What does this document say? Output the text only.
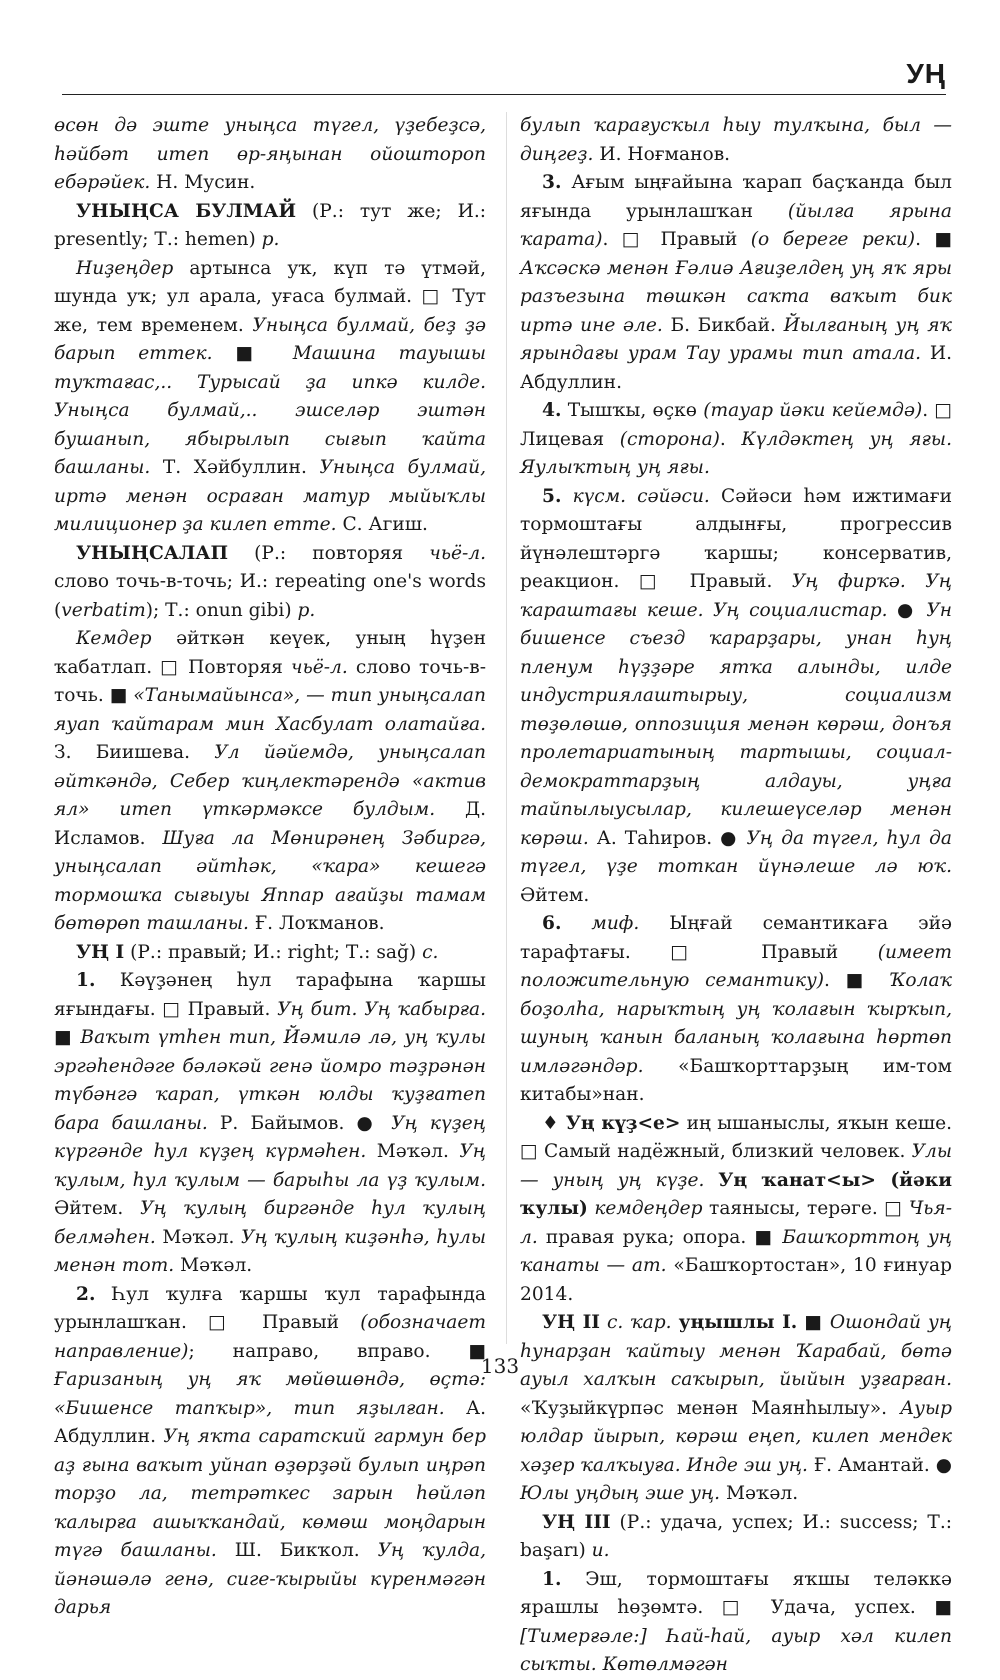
УҢ

өсөн дә эште уныңса түгел, үҙебеҙсә, һәйбәт итеп өр-яңынан ойоштороп ебәрәйек. Н. Мусин.

УНЫҢСА БУЛМАЙ (Р.: тут же; И.: presently; Т.: hemen) р.

Ниҙеңдер артынса уҡ, күп тә үтмәй, шунда уҡ; ул арала, уғаса булмай. □ Тут же, тем временем. Уныңса булмай, беҙ ҙә барып еттек. ■ Машина тауышы туҡтағас,.. Турысай ҙа ипкә килде. Уныңса булмай,.. эшселәр эштән бушанып, ябырылып сығып ҡайта башланы. Т. Хәйбуллин. Уныңса булмай, иртә менән осраған матур мыйыҡлы милиционер ҙа килеп етте. С. Агиш.

УНЫҢСАЛАП (Р.: повторяя чьё-л. слово точь-в-точь; И.: repeating one's words (verbatim); Т.: onun gibi) р.

Кемдер әйткән кеүек, уның һүҙен ҡабатлап. □ Повторяя чьё-л. слово точь-в-точь. ■ «Танымайынса», — тип уныңсалап яуап ҡайтарам мин Хасбулат олатайға. З. Биишева. Ул йәйемдә, уныңсалап әйткәндә, Себер ҡиңлектәрендә «актив ял» итеп үткәрмәксе булдым. Д. Исламов. Шуға ла Мөнирәнең Зәбиргә, уныңсалап әйтһәк, «ҡара» кешегә тормошҡа сығыуы Яппар ағайҙы тамам бөтөрөп ташланы. Ғ. Лоҡманов.

УҢ I (Р.: правый; И.: right; Т.: sağ) с.

1. Кәүҙәнең һул тарафына ҡаршы яғындағы. □ Правый. Уң бит. Уң ҡабырға. ■ Ваҡыт үтһен тип, Йәмилә лә, уң ҡулы эргәһендәге бәләкәй генә йомро тәҙрәнән түбәнгә ҡарап, үткән юлды ҡуҙғатеп бара башланы. Р. Байымов. ● Уң күҙең күргәнде һул күҙең күрмәһен. Мәҡәл. Уң ҡулым, һул ҡулым — барыһы ла үҙ ҡулым. Әйтем. Уң ҡулың биргәнде һул ҡулың белмәһен. Мәҡәл. Уң ҡулың киҙәнһә, һулы менән тот. Мәҡәл.

2. Һул ҡулға ҡаршы ҡул тарафында урынлашҡан. □ Правый (обозначает направление); направо, вправо. ■ Ғаризаның уң яҡ мөйөшөндә, өҫтә: «Бишенсе тапҡыр», тип яҙылған. А. Абдуллин. Уң яҡта саратский гармун бер аҙ ғына ваҡыт уйнап өҙөрҙәй булып иңрәп торҙо ла, тетрәткес зарын һөйләп ҡалырға ашыҡҡандай, көмөш моңдарын түгә башланы. Ш. Бикҡол. Уң ҡулда, йәнәшәлә генә, сиге-ҡырыйы күренмәгән дарья

булып ҡарағусҡыл һыу тулҡына, был — диңгеҙ. И. Ноғманов.

3. Ағым ыңғайына ҡарап баҫҡанда был яғында урынлашҡан (йылға ярына ҡарата). □ Правый (о береге реки). ■ Аҡсәскә менән Ғәлиә Ағиҙелдең уң яҡ яры разъезына төшкән саҡта ваҡыт бик иртә ине әле. Б. Бикбай. Йылғаның уң яҡ ярындағы урам Тау урамы тип атала. И. Абдуллин.

4. Тышҡы, өҫкө (тауар йәки кейемдә). □ Лицевая (сторона). Күлдәктең уң яғы. Яулыҡтың уң яғы.

5. күсм. сәйәси. Сәйәси һәм ижтимағи тормоштағы алдынғы, прогрессив йүнәлештәргә ҡаршы; консерватив, реакцион. □ Правый. Уң фирҡә. Уң ҡараштағы кеше. Уң социалистар. ● Ун бишенсе съезд ҡарарҙары, унан һуң пленум һүҙҙәре ятҡа алынды, илде индустриялаштырыу, социализм төҙөлөшө, оппозиция менән көрәш, донъя пролетариатының тартышы, социал-демократтарҙың алдауы, уңға тайпылыусылар, килешеүселәр менән көрәш. А. Таһиров. ● Уң да түгел, һул да түгел, үҙе тоткан йүнәлеше лә юҡ. Әйтем.

6. миф. Ыңғай семантикаға эйә тарафтағы. □ Правый (имеет положительную семантику). ■ Ҡолаҡ боҙолһа, нарыҡтың уң ҡолағын ҡырҡып, шуның ҡанын баланың ҡолағына һөртөп имләгәндәр. «Башҡорттарҙың им-том китабы»нан.

♦ Уң күҙ<е> иң ышаныслы, яҡын кеше. □ Самый надёжный, близкий человек. Улы — уның уң күҙе. Уң ҡанат<ы> (йәки ҡулы) кемдеңдер таянысы, терәге. □ Чья-л. правая рука; опора. ■ Башҡорттоң уң ҡанаты — ат. «Башҡортостан», 10 ғинуар 2014.

УҢ II с. ҡар. уңышлы I. ■ Ошондай уң һунарҙан ҡайтыу менән Ҡарабай, бөтә ауыл халҡын саҡырып, йыйын уҙғарған. «Ҡуҙыйкүрпәс менән Маянһылыу». Ауыр юлдар йырып, көрәш еңеп, килеп мендек хәҙер ҡалҡыуға. Инде эш уң. Ғ. Амантай. ● Юлы уңдың эше уң. Мәҡәл.

УҢ III (Р.: удача, успех; И.: success; Т.: başarı) и.

1. Эш, тормоштағы яҡшы теләккә ярашлы һөҙөмтә. □ Удача, успех. ■ [Тимерғәле:] Һай-һай, ауыр хәл килеп сыҡты. Көтөлмәгән

133
